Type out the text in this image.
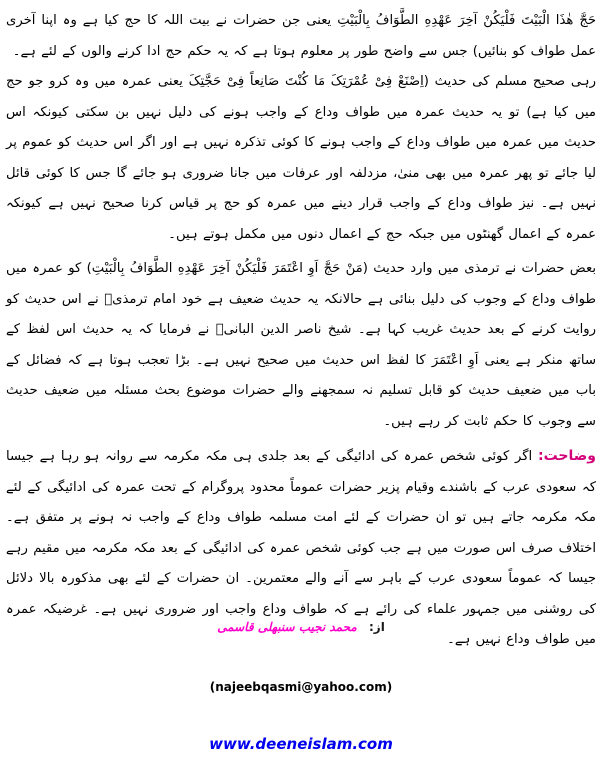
حَجَّ هٰذَا الْبَيْتَ فَلْيَكُنْ آخِرَ عَهْدِهِ الطَّوَافُ بِالْبَيْتِ یعنی جن حضرات نے بیت اللہ کا حج کیا ہے وہ اپنا آخری عمل طواف کو بنائیں) جس سے واضح طور پر معلوم ہوتا ہے کہ یہ حکم حج ادا کرنے والوں کے لئے ہے۔

رہی صحیح مسلم کی حدیث (اِصْنَعْ فِیْ عُمْرَتِکَ مَا کُنْتَ صَانِعاً فِیْ حَجَّتِکَ یعنی عمرہ میں وہ کرو جو حج میں کیا ہے) تو یہ حدیث عمرہ میں طواف وداع کے واجب ہونے کی دلیل نہیں بن سکتی کیونکہ اس حدیث میں عمرہ میں طواف وداع کے واجب ہونے کا کوئی تذکرہ نہیں ہے اور اگر اس حدیث کو عموم پر لیا جائے تو پھر عمرہ میں بھی منیٰ، مزدلفہ اور عرفات میں جانا ضروری ہو جائے گا جس کا کوئی قائل نہیں ہے۔ نیز طواف وداع کے واجب قرار دینے میں عمرہ کو حج پر قیاس کرنا صحیح نہیں ہے کیونکہ عمرہ کے اعمال گھنٹوں میں جبکہ حج کے اعمال دنوں میں مکمل ہوتے ہیں۔

بعض حضرات نے ترمذی میں وارد حدیث (مَنْ حَجَّ اَوِ اعْتَمَرَ فَلْیَکُنْ آخِرَ عَهْدِهِ الطَّوَافُ بِالْبَیْتِ) کو عمرہ میں طواف وداع کے وجوب کی دلیل بنائی ہے حالانکہ یہ حدیث ضعیف ہے خود امام ترمذیؒ نے اس حدیث کو روایت کرنے کے بعد حدیث غریب کہا ہے۔ شیخ ناصر الدین البانیؒ نے فرمایا کہ یہ حدیث اس لفظ کے ساتھ منکر ہے یعنی اَوِ اعْتَمَرَ کا لفظ اس حدیث میں صحیح نہیں ہے۔ بڑا تعجب ہوتا ہے کہ فضائل کے باب میں ضعیف حدیث کو قابل تسلیم نہ سمجھنے والے حضرات موضوع بحث مسئلہ میں ضعیف حدیث سے وجوب کا حکم ثابت کر رہے ہیں۔

وضاحت: اگر کوئی شخص عمرہ کی ادائیگی کے بعد جلدی ہی مکہ مکرمہ سے روانہ ہو رہا ہے جیسا کہ سعودی عرب کے باشندے وقیام پزیر حضرات عموماً محدود پروگرام کے تحت عمرہ کی ادائیگی کے لئے مکہ مکرمہ جاتے ہیں تو ان حضرات کے لئے امت مسلمہ طواف وداع کے واجب نہ ہونے پر متفق ہے۔ اختلاف صرف اس صورت میں ہے جب کوئی شخص عمرہ کی ادائیگی کے بعد مکہ مکرمہ میں مقیم رہے جیسا کہ عموماً سعودی عرب کے باہر سے آنے والے معتمرین۔ ان حضرات کے لئے بھی مذکورہ بالا دلائل کی روشنی میں جمہور علماء کی رائے ہے کہ طواف وداع واجب اور ضروری نہیں ہے۔ غرضیکہ عمرہ میں طواف وداع نہیں ہے۔

از: محمد نجیب سنبھلی قاسمی
(najeebqasmi@yahoo.com)
www.deeneislam.com
